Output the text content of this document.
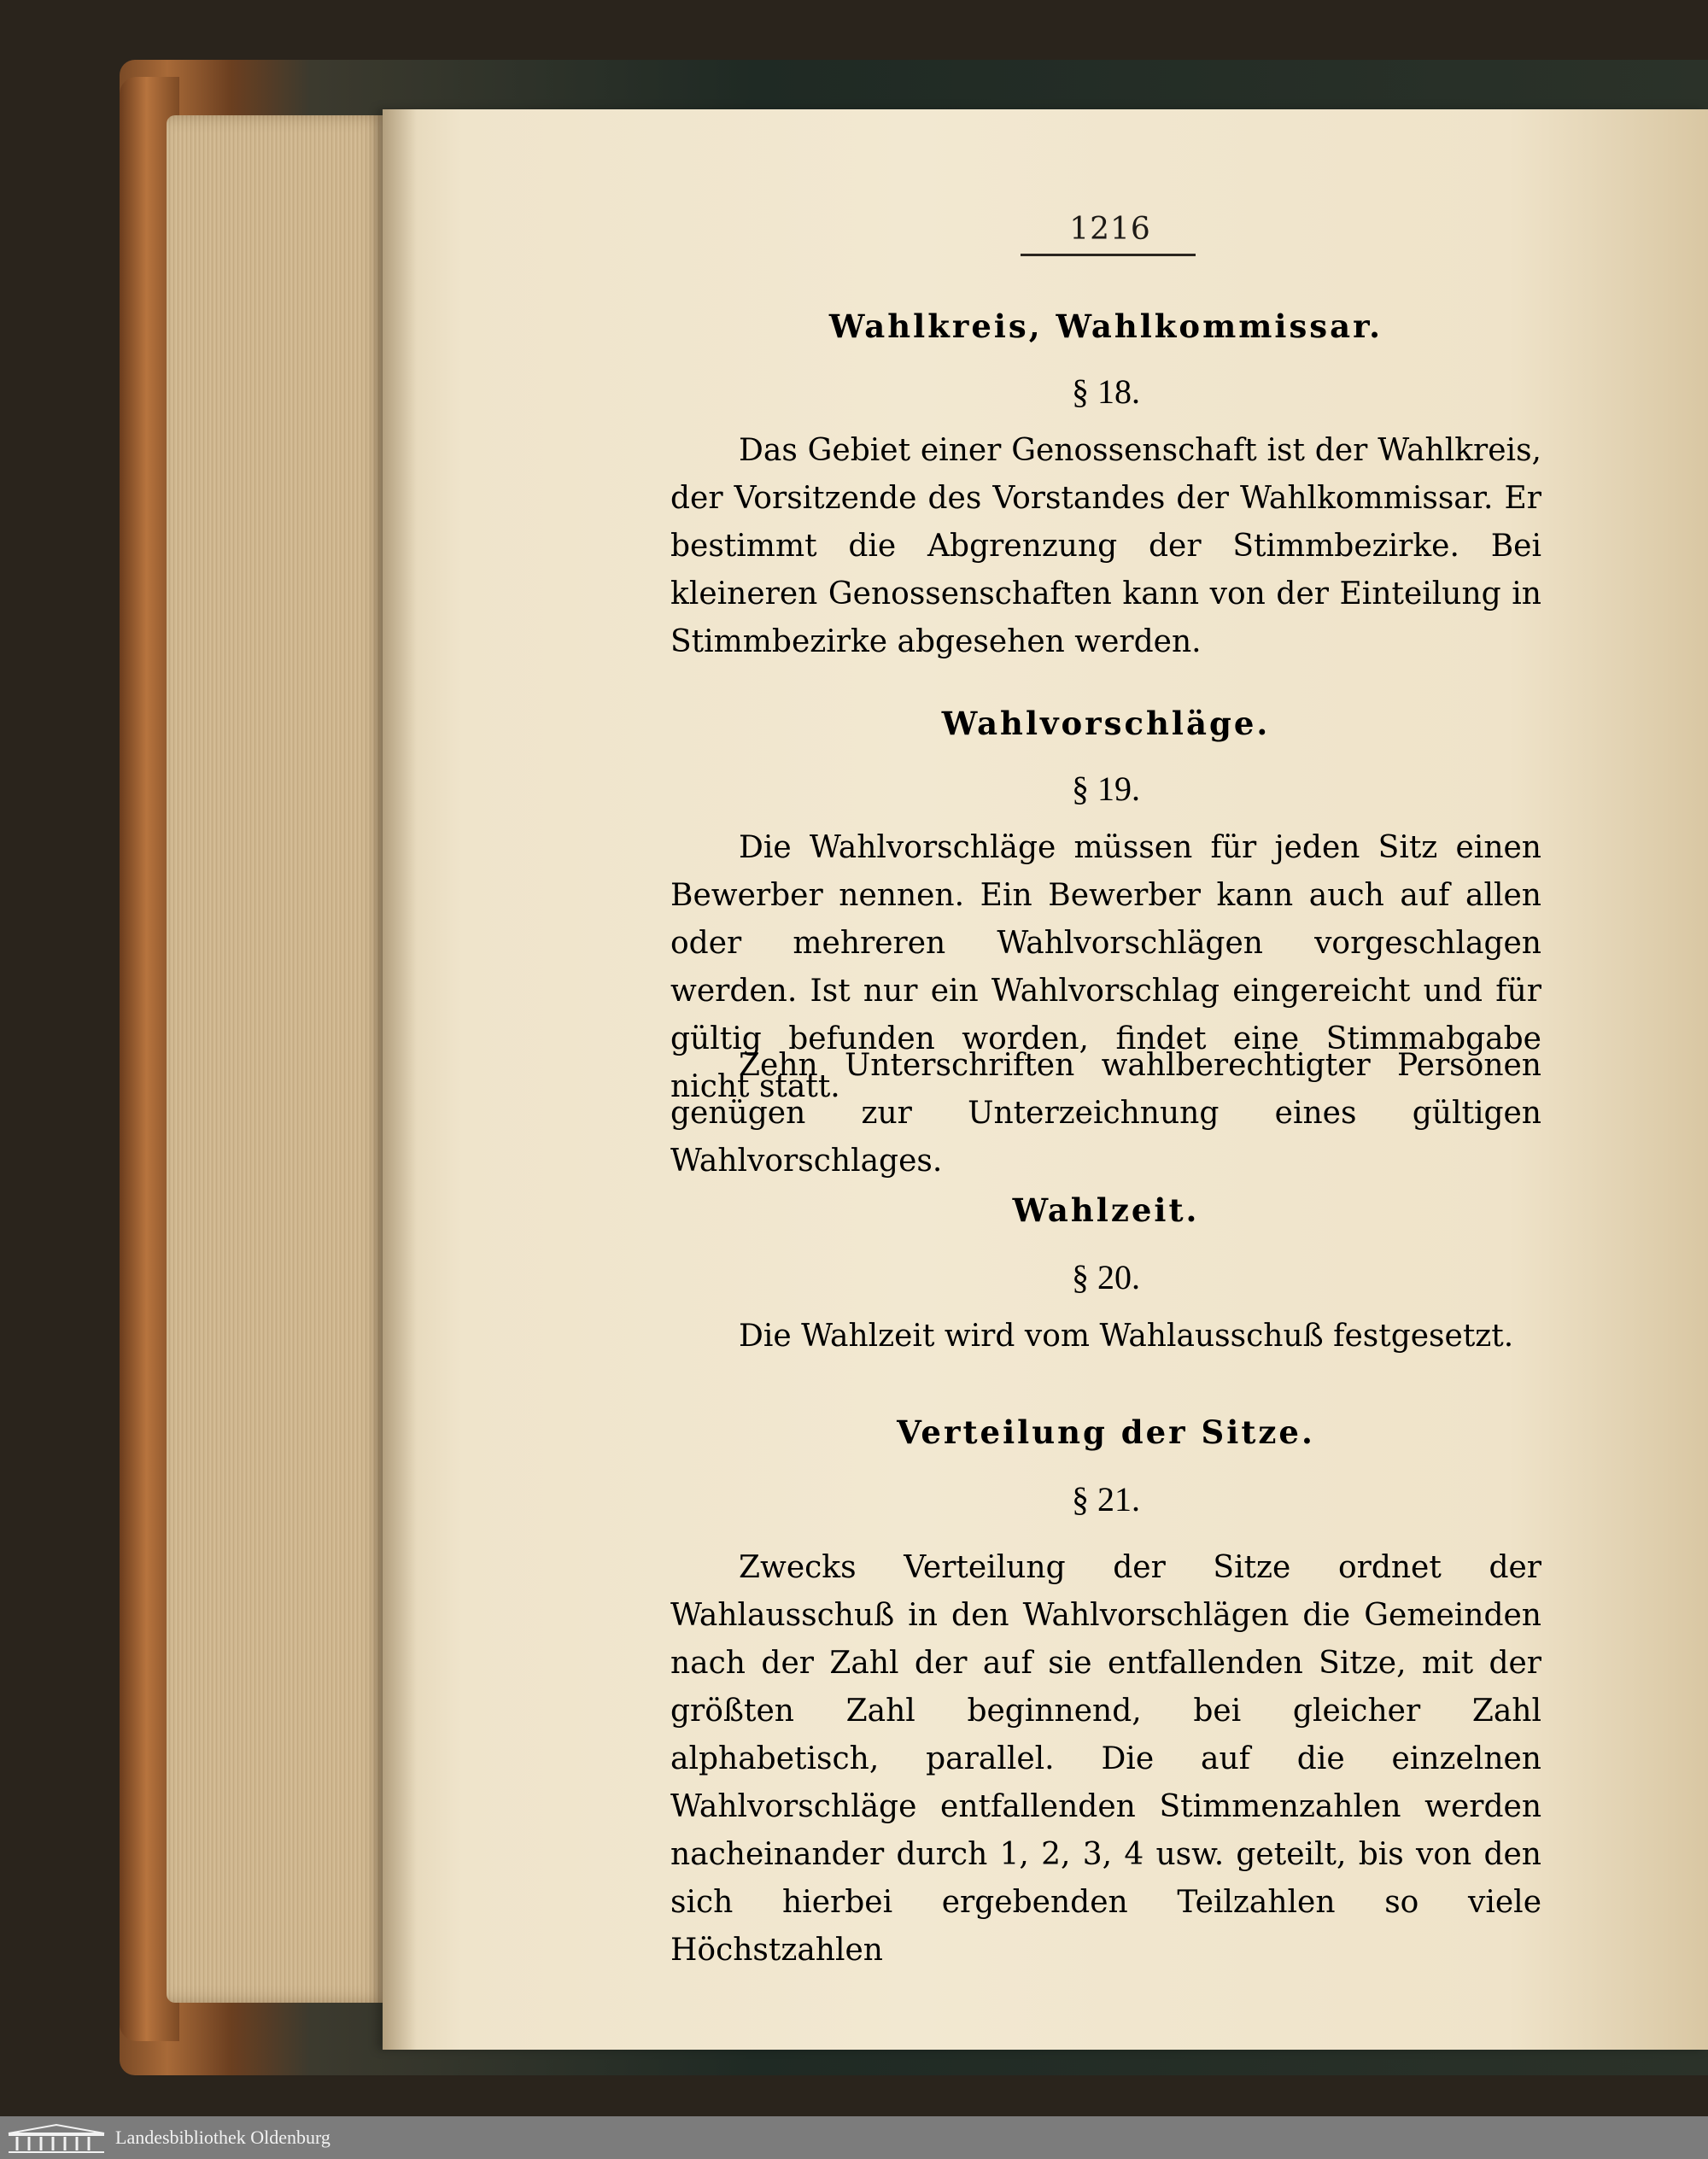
1216
Wahlkreis, Wahlkommissar.
§ 18.
Das Gebiet einer Genossenschaft ist der Wahlkreis, der Vorsitzende des Vorstandes der Wahlkommissar. Er bestimmt die Abgrenzung der Stimmbezirke. Bei kleineren Genossenschaften kann von der Einteilung in Stimmbezirke abgesehen werden.
Wahlvorschläge.
§ 19.
Die Wahlvorschläge müssen für jeden Sitz einen Bewerber nennen. Ein Bewerber kann auch auf allen oder mehreren Wahlvorschlägen vorgeschlagen werden. Ist nur ein Wahlvorschlag eingereicht und für gültig befunden worden, findet eine Stimmabgabe nicht statt.
Zehn Unterschriften wahlberechtigter Personen genügen zur Unterzeichnung eines gültigen Wahlvorschlages.
Wahlzeit.
§ 20.
Die Wahlzeit wird vom Wahlausschuß festgesetzt.
Verteilung der Sitze.
§ 21.
Zwecks Verteilung der Sitze ordnet der Wahlausschuß in den Wahlvorschlägen die Gemeinden nach der Zahl der auf sie entfallenden Sitze, mit der größten Zahl beginnend, bei gleicher Zahl alphabetisch, parallel. Die auf die einzelnen Wahlvorschläge entfallenden Stimmenzahlen werden nacheinander durch 1, 2, 3, 4 usw. geteilt, bis von den sich hierbei ergebenden Teilzahlen so viele Höchstzahlen
Landesbibliothek Oldenburg
